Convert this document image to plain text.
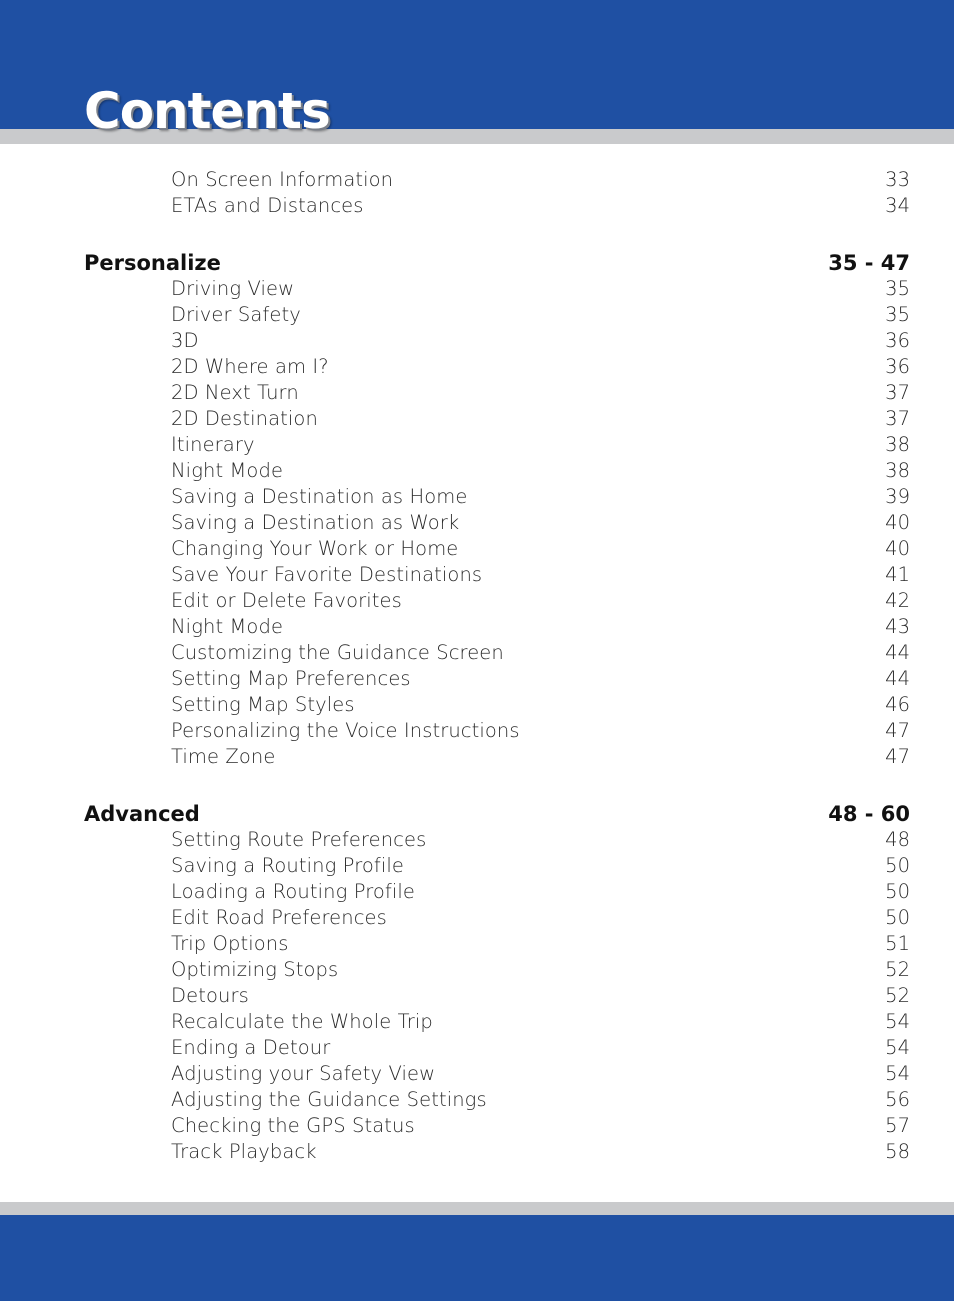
Contents
On Screen Information	33
ETAs and Distances	34
Personalize	35 - 47
Driving View	35
Driver Safety	35
3D	36
2D Where am I?	36
2D Next Turn	37
2D Destination	37
Itinerary	38
Night Mode	38
Saving a Destination as Home	39
Saving a Destination as Work	40
Changing Your Work or Home	40
Save Your Favorite Destinations	41
Edit or Delete Favorites	42
Night Mode	43
Customizing the Guidance Screen	44
Setting Map Preferences	44
Setting Map Styles	46
Personalizing the Voice Instructions	47
Time Zone	47
Advanced	48 - 60
Setting Route Preferences	48
Saving a Routing Profile	50
Loading a Routing Profile	50
Edit Road Preferences	50
Trip Options	51
Optimizing Stops	52
Detours	52
Recalculate the Whole Trip	54
Ending a Detour	54
Adjusting your Safety View	54
Adjusting the Guidance Settings	56
Checking the GPS Status	57
Track Playback	58
